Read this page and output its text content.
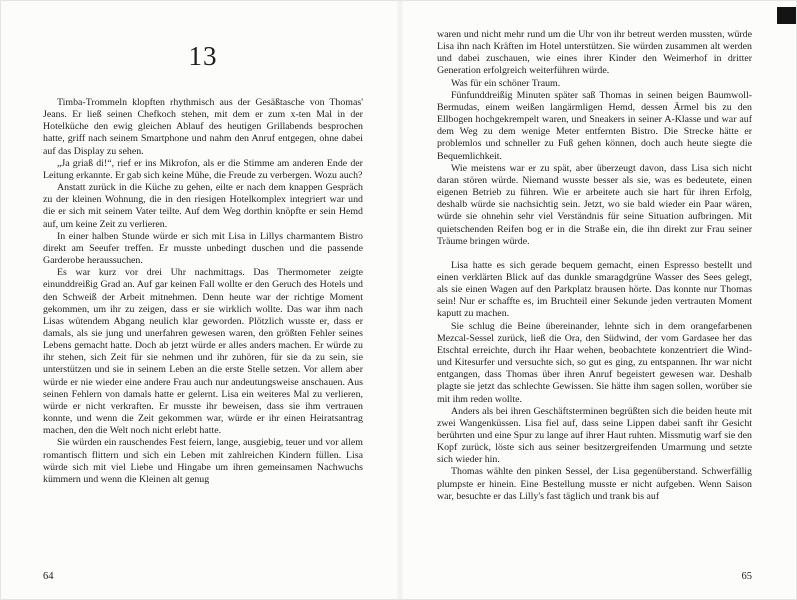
13

Timba-Trommeln klopften rhythmisch aus der Gesäßtasche von Thomas' Jeans. Er ließ seinen Chefkoch stehen, mit dem er zum x-ten Mal in der Hotelküche den ewig gleichen Ablauf des heutigen Grillabends besprochen hatte, griff nach seinem Smartphone und nahm den Anruf entgegen, ohne dabei auf das Display zu sehen.

„Ja griaß di!“, rief er ins Mikrofon, als er die Stimme am anderen Ende der Leitung erkannte. Er gab sich keine Mühe, die Freude zu verbergen. Wozu auch?

Anstatt zurück in die Küche zu gehen, eilte er nach dem knappen Gespräch zu der kleinen Wohnung, die in den riesigen Hotelkomplex integriert war und die er sich mit seinem Vater teilte. Auf dem Weg dorthin knöpfte er sein Hemd auf, um keine Zeit zu verlieren.

In einer halben Stunde würde er sich mit Lisa in Lillys charmantem Bistro direkt am Seeufer treffen. Er musste unbedingt duschen und die passende Garderobe heraussuchen.

Es war kurz vor drei Uhr nachmittags. Das Thermometer zeigte einunddreißig Grad an. Auf gar keinen Fall wollte er den Geruch des Hotels und den Schweiß der Arbeit mitnehmen. Denn heute war der richtige Moment gekommen, um ihr zu zeigen, dass er sie wirklich wollte. Das war ihm nach Lisas wütendem Abgang neulich klar geworden. Plötzlich wusste er, dass er damals, als sie jung und unerfahren gewesen waren, den größten Fehler seines Lebens gemacht hatte. Doch ab jetzt würde er alles anders machen. Er würde zu ihr stehen, sich Zeit für sie nehmen und ihr zuhören, für sie da zu sein, sie unterstützen und sie in seinem Leben an die erste Stelle setzen. Vor allem aber würde er nie wieder eine andere Frau auch nur andeutungsweise anschauen. Aus seinen Fehlern von damals hatte er gelernt. Lisa ein weiteres Mal zu verlieren, würde er nicht verkraften. Er musste ihr beweisen, dass sie ihm vertrauen konnte, und wenn die Zeit gekommen war, würde er ihr einen Heiratsantrag machen, den die Welt noch nicht erlebt hatte.

Sie würden ein rauschendes Fest feiern, lange, ausgiebig, teuer und vor allem romantisch flittern und sich ein Leben mit zahlreichen Kindern füllen. Lisa würde sich mit viel Liebe und Hingabe um ihren gemeinsamen Nachwuchs kümmern und wenn die Kleinen alt genug

64

waren und nicht mehr rund um die Uhr von ihr betreut werden mussten, würde Lisa ihn nach Kräften im Hotel unterstützen. Sie würden zusammen alt werden und dabei zuschauen, wie eines ihrer Kinder den Weimerhof in dritter Generation erfolgreich weiterführen würde.

Was für ein schöner Traum.

Fünfunddreißig Minuten später saß Thomas in seinen beigen Baumwoll-Bermudas, einem weißen langärmligen Hemd, dessen Ärmel bis zu den Ellbogen hochgekrempelt waren, und Sneakers in seiner A-Klasse und war auf dem Weg zu dem wenige Meter entfernten Bistro. Die Strecke hätte er problemlos und schneller zu Fuß gehen können, doch auch heute siegte die Bequemlichkeit.

Wie meistens war er zu spät, aber überzeugt davon, dass Lisa sich nicht daran stören würde. Niemand wusste besser als sie, was es bedeutete, einen eigenen Betrieb zu führen. Wie er arbeitete auch sie hart für ihren Erfolg, deshalb würde sie nachsichtig sein. Jetzt, wo sie bald wieder ein Paar wären, würde sie ohnehin sehr viel Verständnis für seine Situation aufbringen. Mit quietschenden Reifen bog er in die Straße ein, die ihn direkt zur Frau seiner Träume bringen würde.

Lisa hatte es sich gerade bequem gemacht, einen Espresso bestellt und einen verklärten Blick auf das dunkle smaragdgrüne Wasser des Sees gelegt, als sie einen Wagen auf den Parkplatz brausen hörte. Das konnte nur Thomas sein! Nur er schaffte es, im Bruchteil einer Sekunde jeden vertrauten Moment kaputt zu machen.

Sie schlug die Beine übereinander, lehnte sich in dem orangefarbenen Mezcal-Sessel zurück, ließ die Ora, den Südwind, der vom Gardasee her das Etschtal erreichte, durch ihr Haar wehen, beobachtete konzentriert die Wind- und Kitesurfer und versuchte sich, so gut es ging, zu entspannen. Ihr war nicht entgangen, dass Thomas über ihren Anruf begeistert gewesen war. Deshalb plagte sie jetzt das schlechte Gewissen. Sie hätte ihm sagen sollen, worüber sie mit ihm reden wollte.

Anders als bei ihren Geschäftsterminen begrüßten sich die beiden heute mit zwei Wangenküssen. Lisa fiel auf, dass seine Lippen dabei sanft ihr Gesicht berührten und eine Spur zu lange auf ihrer Haut ruhten. Missmutig warf sie den Kopf zurück, löste sich aus seiner besitzergreifenden Umarmung und setzte sich wieder hin.

Thomas wählte den pinken Sessel, der Lisa gegenüberstand. Schwerfällig plumpste er hinein. Eine Bestellung musste er nicht aufgeben. Wenn Saison war, besuchte er das Lilly's fast täglich und trank bis auf

65
